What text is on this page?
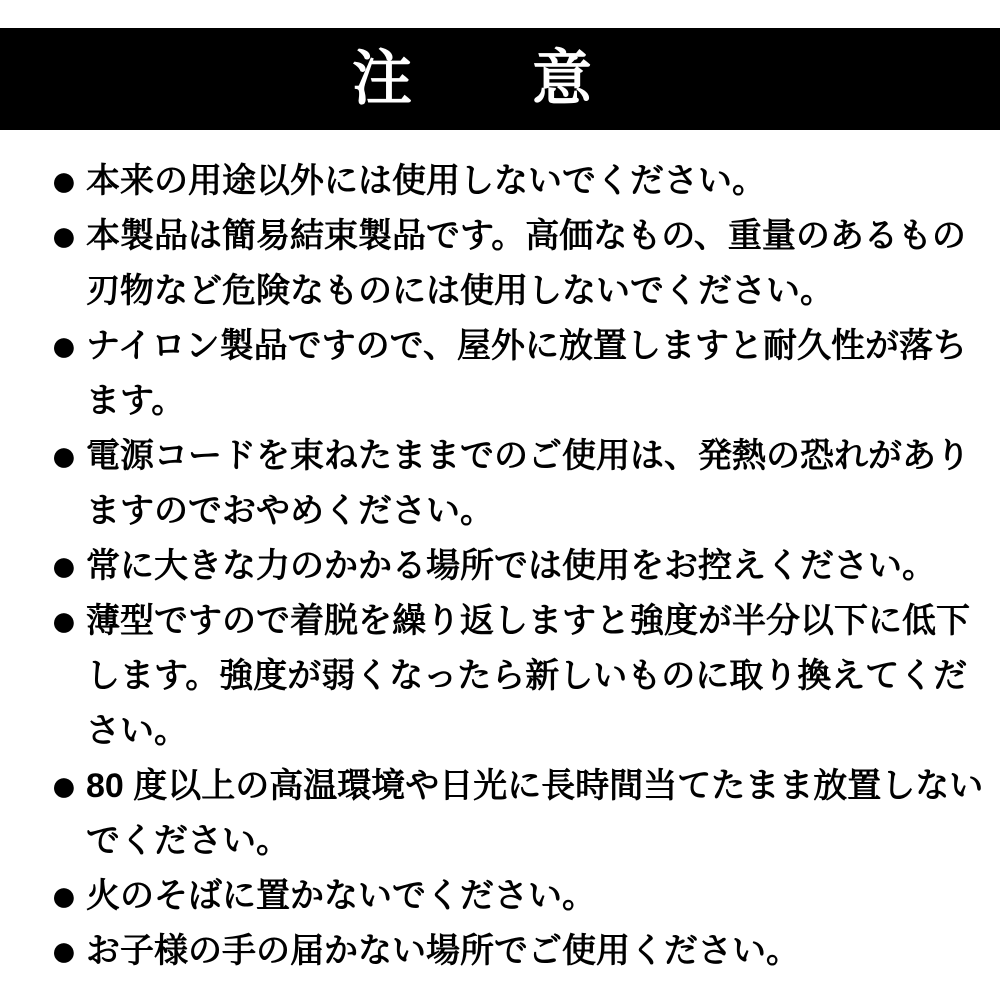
注　　意

● 本来の用途以外には使用しないでください。

● 本製品は簡易結束製品です。高価なもの、重量のあるもの
刃物など危険なものには使用しないでください。

● ナイロン製品ですので、屋外に放置しますと耐久性が落ち
ます。

● 電源コードを束ねたままでのご使用は、発熱の恐れがあり
ますのでおやめください。

● 常に大きな力のかかる場所では使用をお控えください。

● 薄型ですので着脱を繰り返しますと強度が半分以下に低下
します。強度が弱くなったら新しいものに取り換えてくだ
さい。

● 80 度以上の高温環境や日光に長時間当てたまま放置しない
でください。

● 火のそばに置かないでください。

● お子様の手の届かない場所でご使用ください。
